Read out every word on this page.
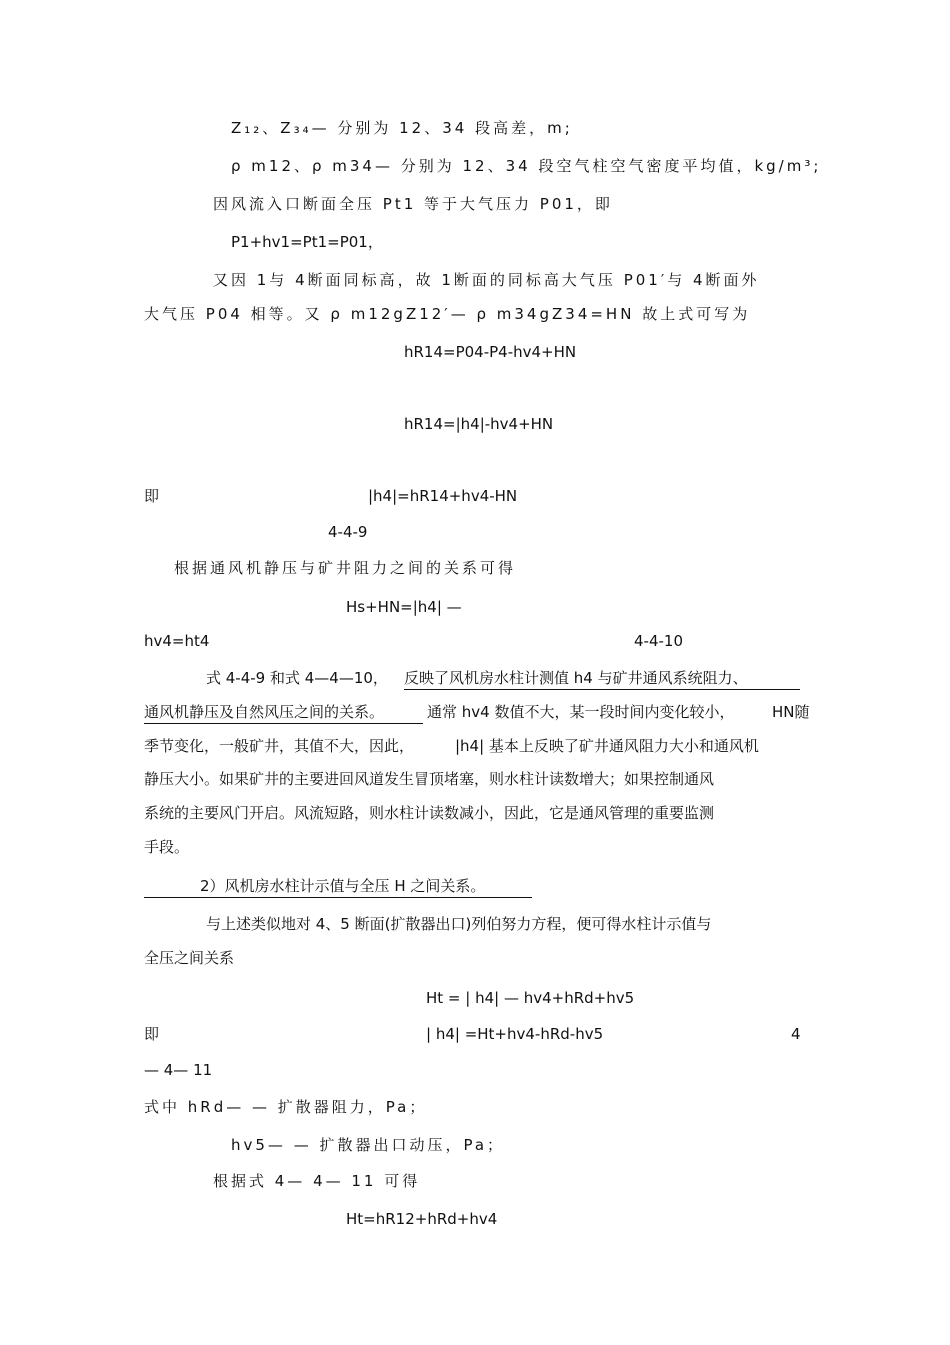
Z₁₂、Z₃₄— 分别为 12、34 段高差，m;
ρ m12、ρ m34— 分别为 12、34 段空气柱空气密度平均值，kg/m³;
因风流入口断面全压 Pt1 等于大气压力 P01，即
P1+hv1=Pt1=P01，
又因 1与 4断面同标高，故 1断面的同标高大气压 P01′与 4断面外
大气压 P04 相等。又 ρ m12gZ12′— ρ m34gZ34=HN 故上式可写为
hR14=P04-P4-hv4+HN
hR14=|h4|-hv4+HN
即	|h4|=hR14+hv4-HN
4-4-9
根据通风机静压与矿井阻力之间的关系可得
Hs+HN=|h4| —
hv4=ht4	4-4-10
式 4-4-9 和式 4—4—10， 反映了风机房水柱计测值 h4 与矿井通风系统阻力、
通风机静压及自然风压之间的关系。	通常 hv4 数值不大，某一段时间内变化较小，	HN随
季节变化，一般矿井，其值不大，因此，	|h4| 基本上反映了矿井通风阻力大小和通风机
静压大小。如果矿井的主要进回风道发生冒顶堵塞，则水柱计读数增大；如果控制通风
系统的主要风门开启。风流短路，则水柱计读数减小，因此，它是通风管理的重要监测
手段。
2）风机房水柱计示值与全压 H 之间关系。
与上述类似地对 4、5 断面(扩散器出口)列伯努力方程，便可得水柱计示值与
全压之间关系
Ht = | h4| — hv4+hRd+hv5
即	| h4| =Ht+hv4-hRd-hv5	4
— 4— 11
式中 hRd— — 扩散器阻力，Pa；
hv5— — 扩散器出口动压，Pa；
根据式 4— 4— 11 可得
Ht=hR12+hRd+hv4
